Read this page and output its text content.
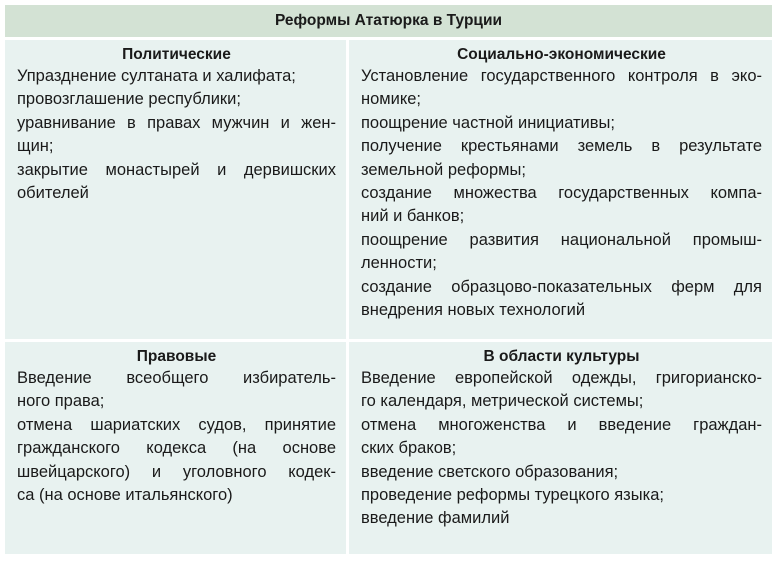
Реформы Ататюрка в Турции
Политические
Упразднение султаната и халифата;
провозглашение республики;
уравнивание в правах мужчин и жен-
щин;
закрытие монастырей и дервишских
обителей
Социально-экономические
Установление государственного контроля в эко-
номике;
поощрение частной инициативы;
получение крестьянами земель в результате
земельной реформы;
создание множества государственных компа-
ний и банков;
поощрение развития национальной промыш-
ленности;
создание образцово-показательных ферм для
внедрения новых технологий
Правовые
Введение всеобщего избиратель-
ного права;
отмена шариатских судов, принятие
гражданского кодекса (на основе
швейцарского) и уголовного кодек-
са (на основе итальянского)
В области культуры
Введение европейской одежды, григорианско-
го календаря, метрической системы;
отмена многоженства и введение граждан-
ских браков;
введение светского образования;
проведение реформы турецкого языка;
введение фамилий
